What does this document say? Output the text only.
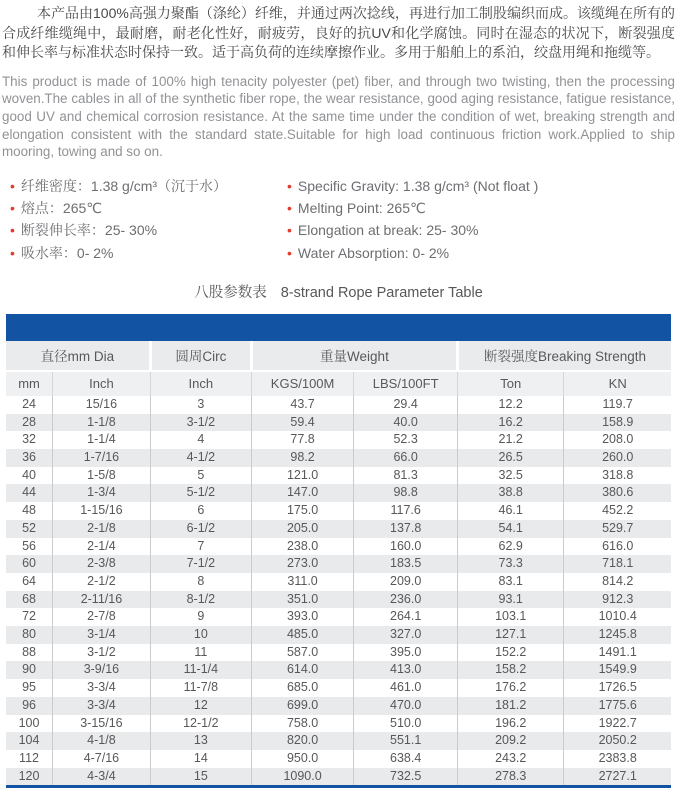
本产品由100%高强力聚酯（涤纶）纤维，并通过两次捻线，再进行加工制股编织而成。该缆绳在所有的合成纤维缆绳中，最耐磨，耐老化性好，耐疲劳，良好的抗UV和化学腐蚀。同时在湿态的状况下，断裂强度和伸长率与标准状态时保持一致。适于高负荷的连续摩擦作业。多用于船舶上的系泊，绞盘用绳和拖缆等。

This product is made of 100% high tenacity polyester (pet) fiber, and through two twisting, then the processing woven.The cables in all of the synthetic fiber rope, the wear resistance, good aging resistance, fatigue resistance, good UV and chemical corrosion resistance. At the same time under the condition of wet, breaking strength and elongation consistent with the standard state.Suitable for high load continuous friction work.Applied to ship mooring, towing and so on.

• 纤维密度：1.38 g/cm³（沉于水）
• 熔点：265℃
• 断裂伸长率：25- 30%
• 吸水率：0- 2%
• Specific Gravity: 1.38 g/cm³ (Not float )
• Melting Point: 265℃
• Elongation at break: 25- 30%
• Water Absorption: 0- 2%
八股参数表 8-strand Rope Parameter Table
直径mm Dia		圆周Circ	重量Weight		断裂强度Breaking Strength	
mm	Inch	Inch	KGS/100M	LBS/100FT	Ton	KN
24	15/16	3	43.7	29.4	12.2	119.7
28	1-1/8	3-1/2	59.4	40.0	16.2	158.9
32	1-1/4	4	77.8	52.3	21.2	208.0
36	1-7/16	4-1/2	98.2	66.0	26.5	260.0
40	1-5/8	5	121.0	81.3	32.5	318.8
44	1-3/4	5-1/2	147.0	98.8	38.8	380.6
48	1-15/16	6	175.0	117.6	46.1	452.2
52	2-1/8	6-1/2	205.0	137.8	54.1	529.7
56	2-1/4	7	238.0	160.0	62.9	616.0
60	2-3/8	7-1/2	273.0	183.5	73.3	718.1
64	2-1/2	8	311.0	209.0	83.1	814.2
68	2-11/16	8-1/2	351.0	236.0	93.1	912.3
72	2-7/8	9	393.0	264.1	103.1	1010.4
80	3-1/4	10	485.0	327.0	127.1	1245.8
88	3-1/2	11	587.0	395.0	152.2	1491.1
90	3-9/16	11-1/4	614.0	413.0	158.2	1549.9
95	3-3/4	11-7/8	685.0	461.0	176.2	1726.5
96	3-3/4	12	699.0	470.0	181.2	1775.6
100	3-15/16	12-1/2	758.0	510.0	196.2	1922.7
104	4-1/8	13	820.0	551.1	209.2	2050.2
112	4-7/16	14	950.0	638.4	243.2	2383.8
120	4-3/4	15	1090.0	732.5	278.3	2727.1
